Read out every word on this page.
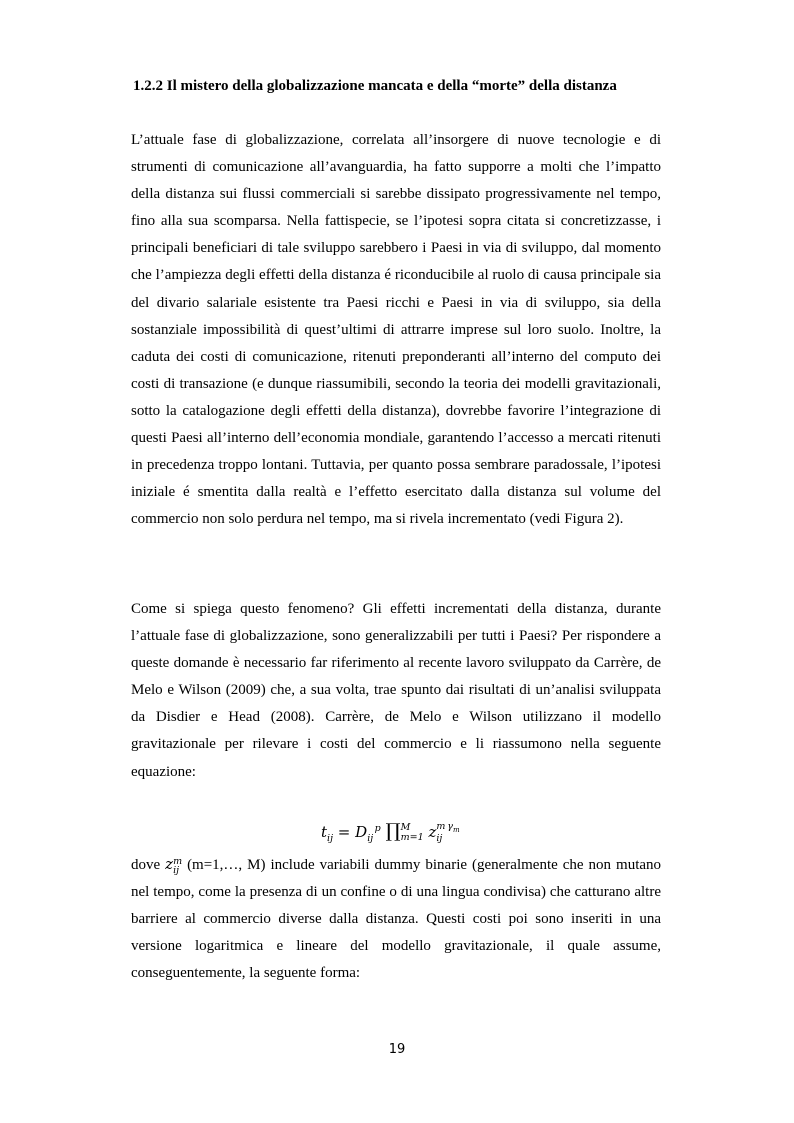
1.2.2 Il mistero della globalizzazione mancata e della “morte” della distanza

L’attuale fase di globalizzazione, correlata all’insorgere di nuove tecnologie e di strumenti di comunicazione all’avanguardia, ha fatto supporre a molti che l’impatto della distanza sui flussi commerciali si sarebbe dissipato progressivamente nel tempo, fino alla sua scomparsa. Nella fattispecie, se l’ipotesi sopra citata si concretizzasse, i principali beneficiari di tale sviluppo sarebbero i Paesi in via di sviluppo, dal momento che l’ampiezza degli effetti della distanza é riconducibile al ruolo di causa principale sia del divario salariale esistente tra Paesi ricchi e Paesi in via di sviluppo, sia della sostanziale impossibilità di quest’ultimi di attrarre imprese sul loro suolo. Inoltre, la caduta dei costi di comunicazione, ritenuti preponderanti all’interno del computo dei costi di transazione (e dunque riassumibili, secondo la teoria dei modelli gravitazionali, sotto la catalogazione degli effetti della distanza), dovrebbe favorire l’integrazione di questi Paesi all’interno dell’economia mondiale, garantendo l’accesso a mercati ritenuti in precedenza troppo lontani. Tuttavia, per quanto possa sembrare paradossale, l’ipotesi iniziale é smentita dalla realtà e l’effetto esercitato dalla distanza sul volume del commercio non solo perdura nel tempo, ma si rivela incrementato (vedi Figura 2).

Come si spiega questo fenomeno? Gli effetti incrementati della distanza, durante l’attuale fase di globalizzazione, sono generalizzabili per tutti i Paesi? Per rispondere a queste domande è necessario far riferimento al recente lavoro sviluppato da Carrère, de Melo e Wilson (2009) che, a sua volta, trae spunto dai risultati di un’analisi sviluppata da Disdier e Head (2008). Carrère, de Melo e Wilson utilizzano il modello gravitazionale per rilevare i costi del commercio e li riassumono nella seguente equazione:

$t_{ij} = D_{ij}$ $^p$ ∏ M
m=1 z m  $\gamma_m$
ij

dove z m
ij (m=1,…, M) include variabili dummy binarie (generalmente che non mutano nel tempo, come la presenza di un confine o di una lingua condivisa) che catturano altre barriere al commercio diverse dalla distanza. Questi costi poi sono inseriti in una versione logaritmica e lineare del modello gravitazionale, il quale assume, conseguentemente, la seguente forma:

19
